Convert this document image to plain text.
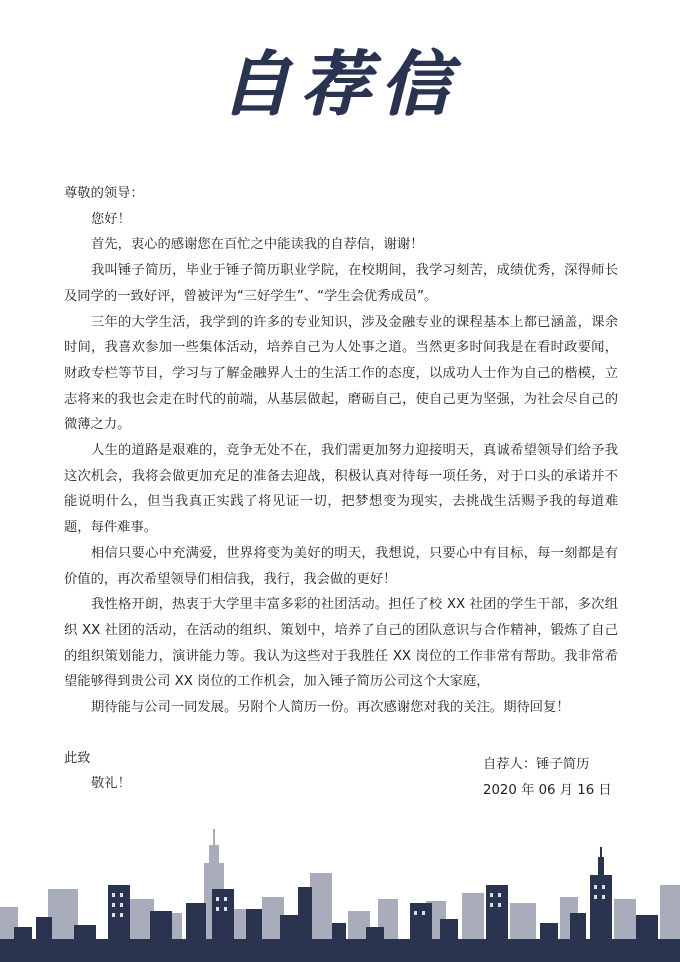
自荐信

尊敬的领导：

您好！

首先，衷心的感谢您在百忙之中能读我的自荐信，谢谢！

我叫锤子简历，毕业于锤子简历职业学院，在校期间，我学习刻苦，成绩优秀，深得师长及同学的一致好评，曾被评为“三好学生”、“学生会优秀成员”。

三年的大学生活，我学到的许多的专业知识，涉及金融专业的课程基本上都已涵盖，课余时间，我喜欢参加一些集体活动，培养自己为人处事之道。当然更多时间我是在看时政要闻，财政专栏等节目，学习与了解金融界人士的生活工作的态度，以成功人士作为自己的楷模，立志将来的我也会走在时代的前端，从基层做起，磨砺自己，使自己更为坚强，为社会尽自己的微薄之力。

人生的道路是艰难的，竞争无处不在，我们需更加努力迎接明天，真诚希望领导们给予我这次机会，我将会做更加充足的准备去迎战，积极认真对待每一项任务，对于口头的承诺并不能说明什么，但当我真正实践了将见证一切，把梦想变为现实，去挑战生活赐予我的每道难题，每件难事。

相信只要心中充满爱，世界将变为美好的明天，我想说，只要心中有目标，每一刻都是有价值的，再次希望领导们相信我，我行，我会做的更好！

我性格开朗，热衷于大学里丰富多彩的社团活动。担任了校 XX 社团的学生干部，多次组织 XX 社团的活动，在活动的组织、策划中，培养了自己的团队意识与合作精神，锻炼了自己的组织策划能力，演讲能力等。我认为这些对于我胜任 XX 岗位的工作非常有帮助。我非常希望能够得到贵公司 XX 岗位的工作机会，加入锤子简历公司这个大家庭，

期待能与公司一同发展。另附个人简历一份。再次感谢您对我的关注。期待回复！

此致

敬礼！

自荐人：锤子简历
2020 年 06 月 16 日
